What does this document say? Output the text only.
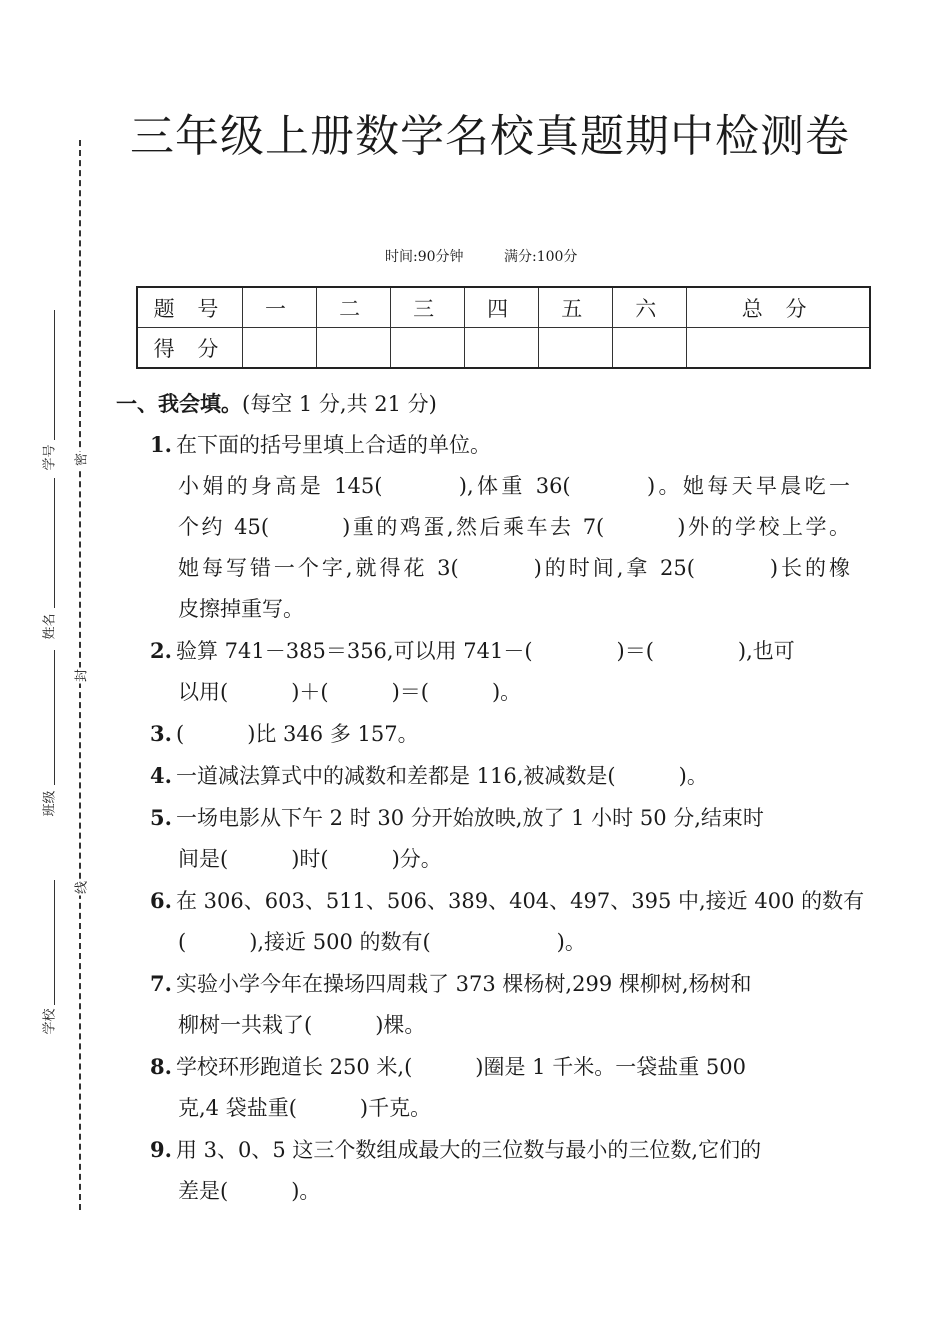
三年级上册数学名校真题期中检测卷
时间:90分钟	满分:100分
题 号	一	二	三	四	五	六	总 分
得 分							
学号
姓名
班级
学校
密
封
线
一、我会填。(每空 1 分,共 21 分)
1. 在下面的括号里填上合适的单位。
小娟的身高是 145(　　　),体重 36(　　　)。她每天早晨吃一
个约 45(　　　)重的鸡蛋,然后乘车去 7(　　　)外的学校上学。
她每写错一个字,就得花 3(　　　)的时间,拿 25(　　　)长的橡
皮擦掉重写。
2. 验算 741－385＝356,可以用 741－(　　　　)＝(　　　　),也可
以用(　　　)＋(　　　)＝(　　　)。
3. (　　　)比 346 多 157。
4. 一道减法算式中的减数和差都是 116,被减数是(　　　)。
5. 一场电影从下午 2 时 30 分开始放映,放了 1 小时 50 分,结束时
间是(　　　)时(　　　)分。
6. 在 306、603、511、506、389、404、497、395 中,接近 400 的数有
(　　　),接近 500 的数有(　　　　　　)。
7. 实验小学今年在操场四周栽了 373 棵杨树,299 棵柳树,杨树和
柳树一共栽了(　　　)棵。
8. 学校环形跑道长 250 米,(　　　)圈是 1 千米。一袋盐重 500
克,4 袋盐重(　　　)千克。
9. 用 3、0、5 这三个数组成最大的三位数与最小的三位数,它们的
差是(　　　)。
